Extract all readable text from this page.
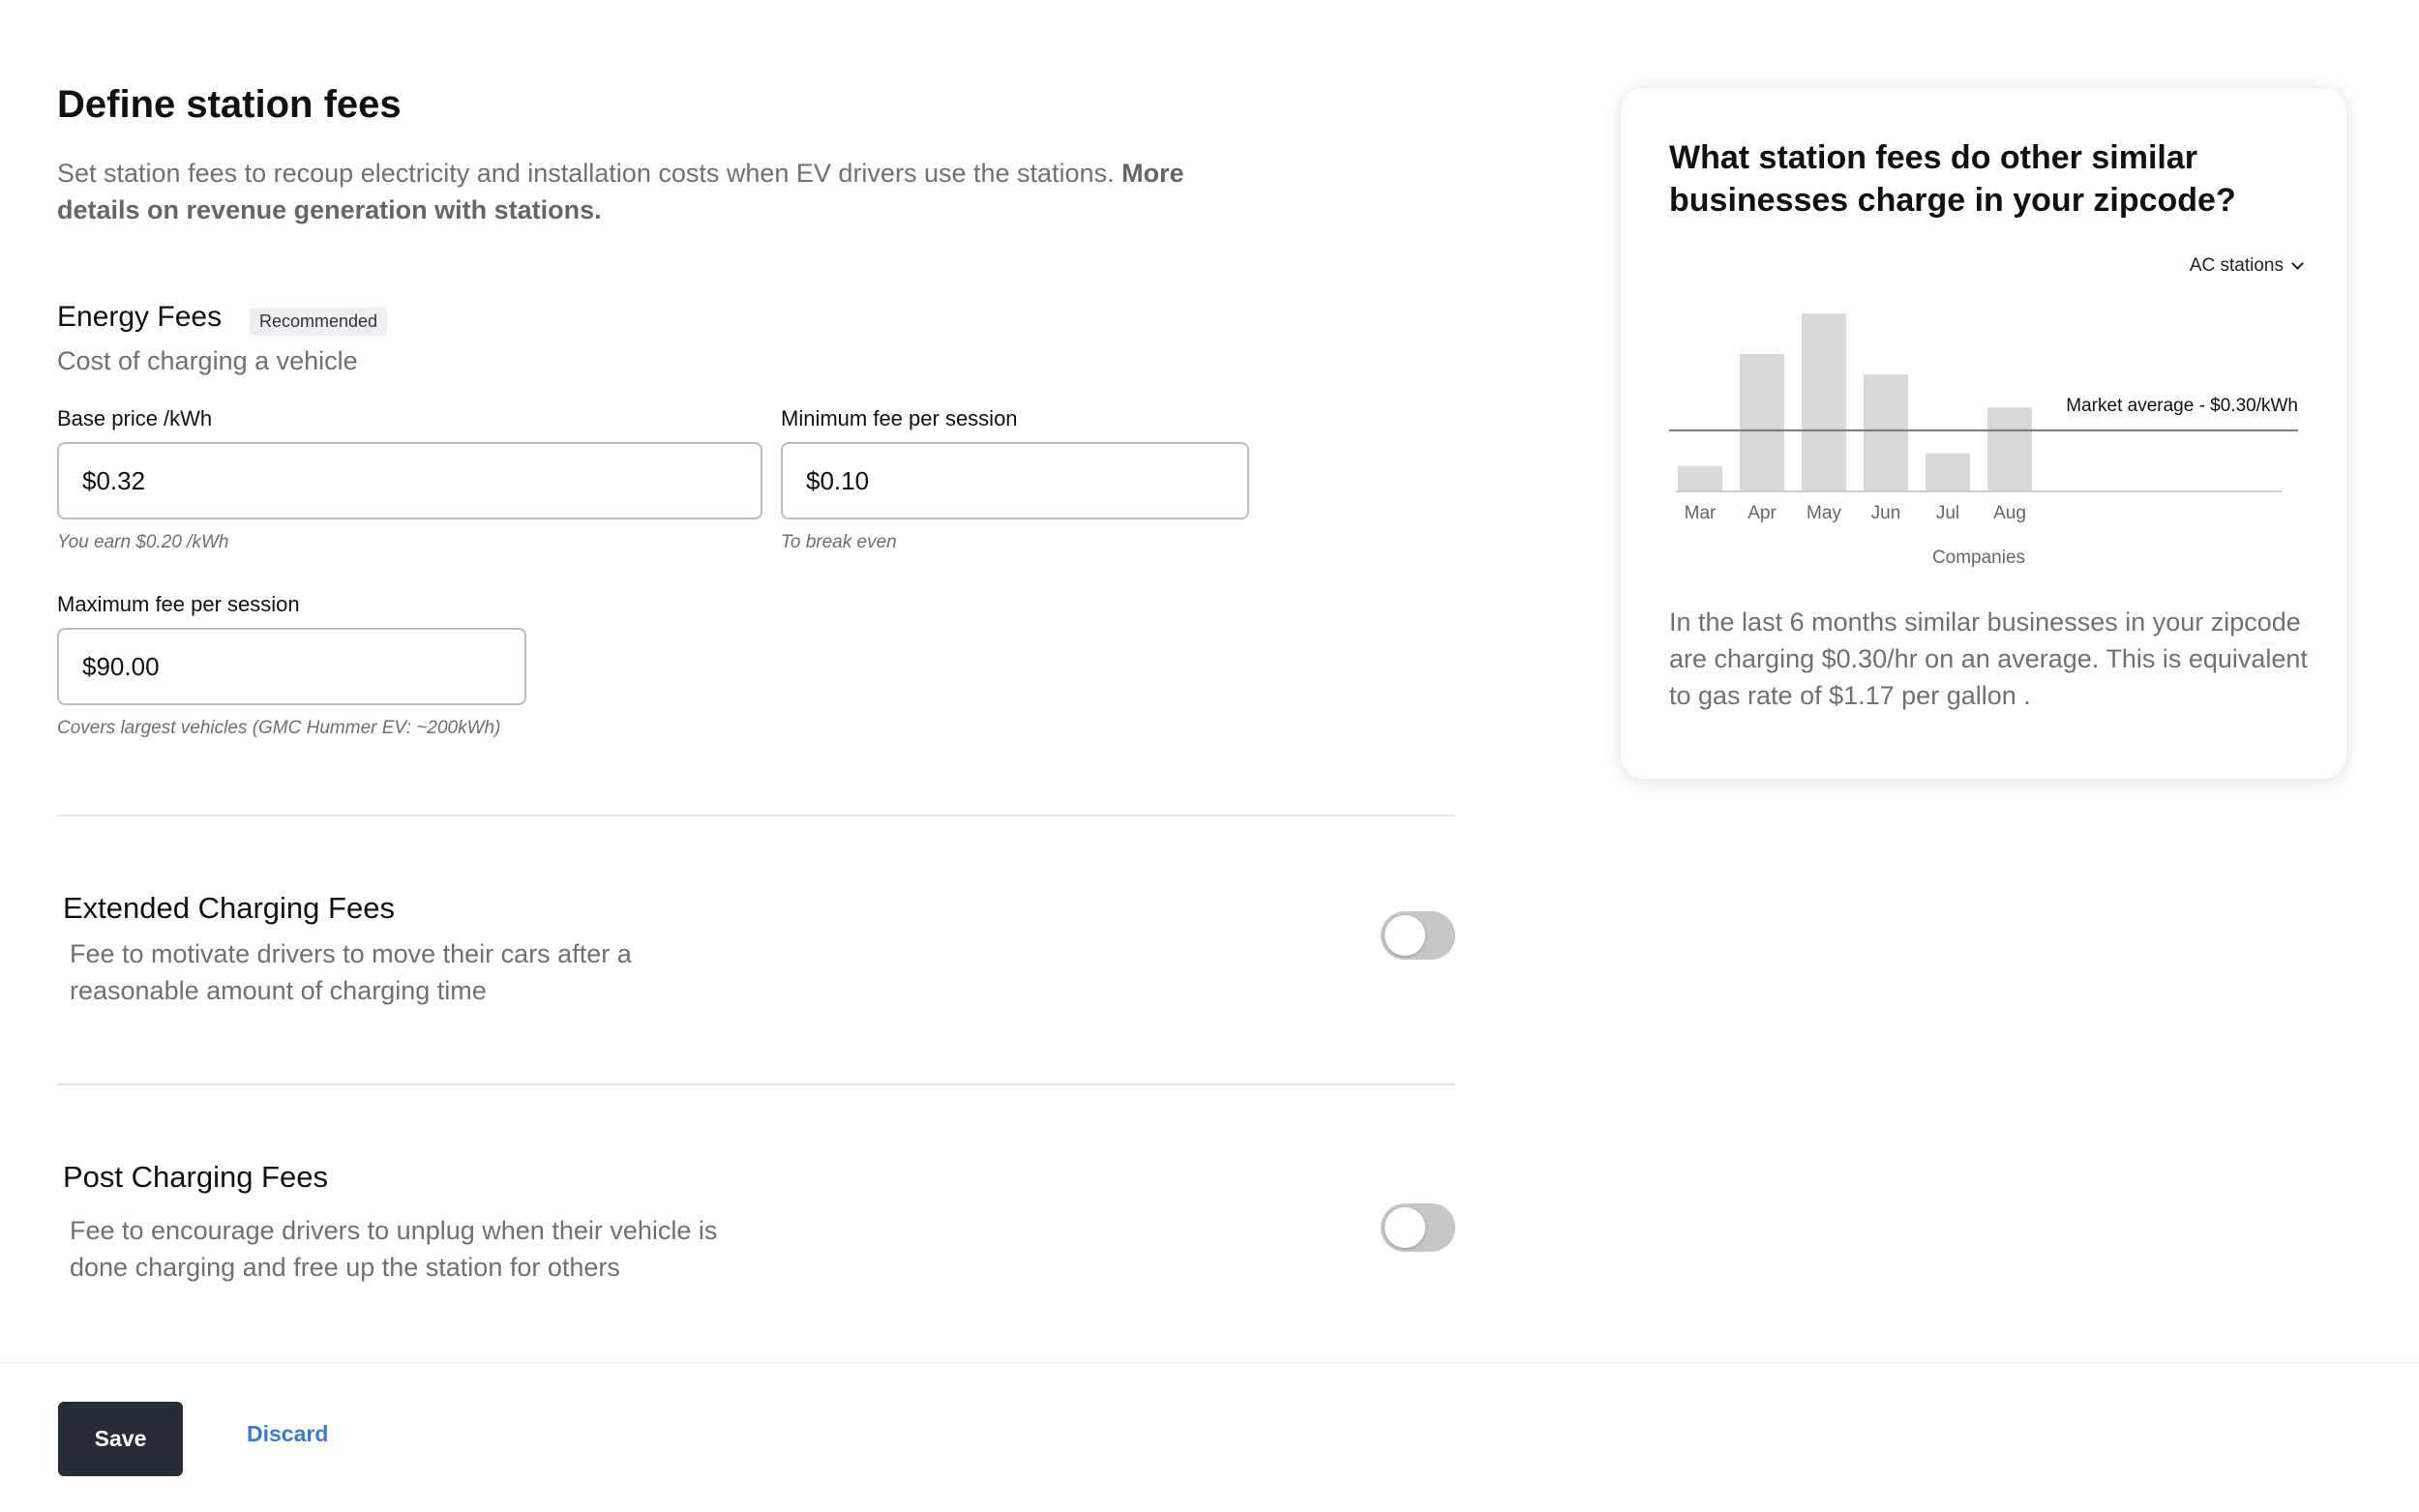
Define station fees

Set station fees to recoup electricity and installation costs when EV drivers use the stations. More details on revenue generation with stations.

Energy Fees	Recommended
Cost of charging a vehicle
Base price /kWh
$0.32
You earn $0.20 /kWh
Minimum fee per session
$0.10
To break even
Maximum fee per session
$90.00
Covers largest vehicles (GMC Hummer EV: ~200kWh)
Extended Charging Fees
Fee to motivate drivers to move their cars after a reasonable amount of charging time
Post Charging Fees
Fee to encourage drivers to unplug when their vehicle is done charging and free up the station for others
What station fees do other similar businesses charge in your zipcode?
AC stations
Mar Apr May Jun Jul Aug
Market average - $0.30/kWh
Companies
In the last 6 months similar businesses in your zipcode are charging $0.30/hr on an average. This is equivalent to gas rate of $1.17 per gallon .
Save	Discard
